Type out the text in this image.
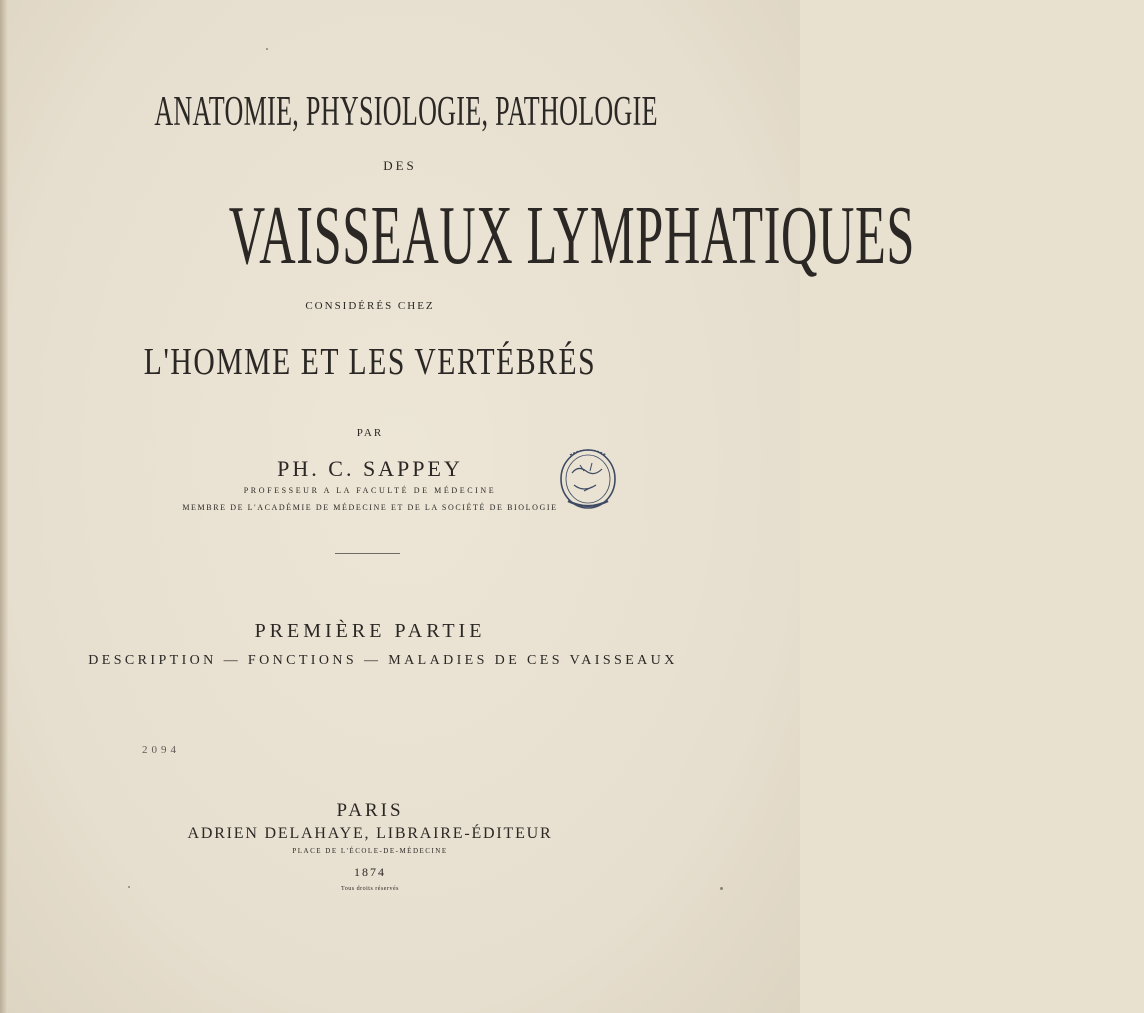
ANATOMIE, PHYSIOLOGIE, PATHOLOGIE
DES
VAISSEAUX LYMPHATIQUES
CONSIDÉRÉS CHEZ
L'HOMME ET LES VERTÉBRÉS
PAR
PH. C. SAPPEY
PROFESSEUR A LA FACULTÉ DE MÉDECINE
MEMBRE DE L'ACADÉMIE DE MÉDECINE ET DE LA SOCIÉTÉ DE BIOLOGIE
PREMIÈRE PARTIE
DESCRIPTION — FONCTIONS — MALADIES DE CES VAISSEAUX
2094
PARIS
ADRIEN DELAHAYE, LIBRAIRE-ÉDITEUR
PLACE DE L'ÉCOLE-DE-MÉDECINE
1874
Tous droits réservés
